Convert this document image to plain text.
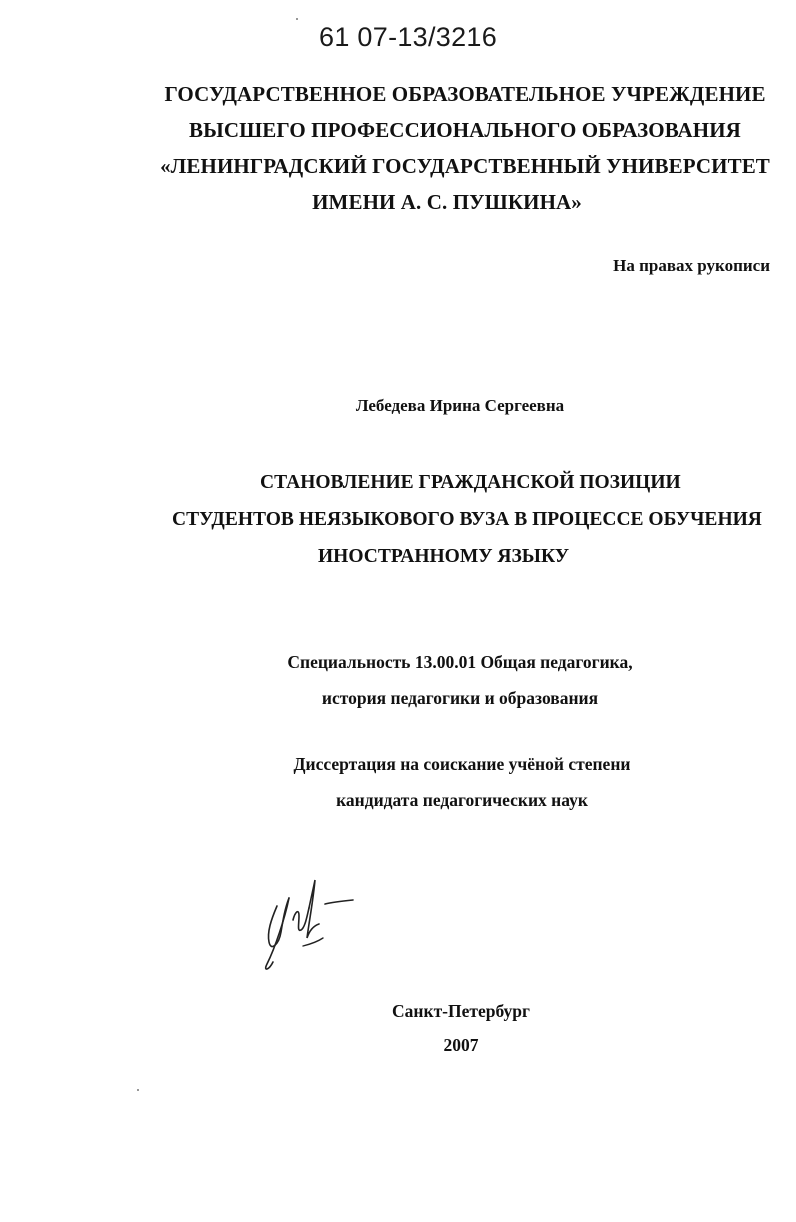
61 07-13/3216
ГОСУДАРСТВЕННОЕ ОБРАЗОВАТЕЛЬНОЕ УЧРЕЖДЕНИЕ
ВЫСШЕГО ПРОФЕССИОНАЛЬНОГО ОБРАЗОВАНИЯ
«ЛЕНИНГРАДСКИЙ ГОСУДАРСТВЕННЫЙ УНИВЕРСИТЕТ
ИМЕНИ А. С. ПУШКИНА»
На правах рукописи
Лебедева Ирина Сергеевна
СТАНОВЛЕНИЕ ГРАЖДАНСКОЙ ПОЗИЦИИ
СТУДЕНТОВ НЕЯЗЫКОВОГО ВУЗА В ПРОЦЕССЕ ОБУЧЕНИЯ
ИНОСТРАННОМУ ЯЗЫКУ
Специальность 13.00.01 Общая педагогика,
история педагогики и образования
Диссертация на соискание учёной степени
кандидата педагогических наук
Санкт-Петербург
2007
